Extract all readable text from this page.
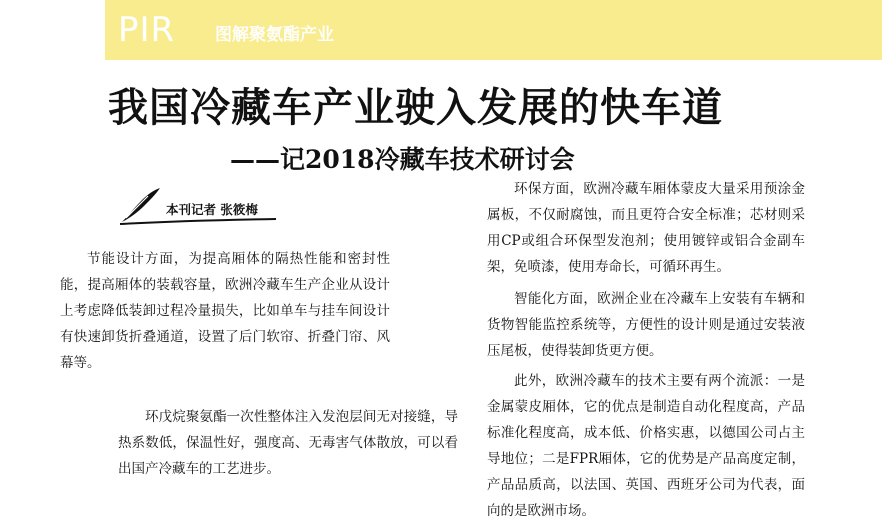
PIR 图解聚氨酯产业
我国冷藏车产业驶入发展的快车道
——记2018冷藏车技术研讨会
本刊记者 张筱梅

节能设计方面，为提高厢体的隔热性能和密封性能，提高厢体的装载容量，欧洲冷藏车生产企业从设计上考虑降低装卸过程冷量损失，比如单车与挂车间设计有快速卸货折叠通道，设置了后门软帘、折叠门帘、风幕等。

环戊烷聚氨酯一次性整体注入发泡层间无对接缝，导热系数低，保温性好，强度高、无毒害气体散放，可以看出国产冷藏车的工艺进步。

环保方面，欧洲冷藏车厢体蒙皮大量采用预涂金属板，不仅耐腐蚀，而且更符合安全标准；芯材则采用CP或组合环保型发泡剂；使用镀锌或铝合金副车架，免喷漆，使用寿命长，可循环再生。

智能化方面，欧洲企业在冷藏车上安装有车辆和货物智能监控系统等，方便性的设计则是通过安装液压尾板，使得装卸货更方便。

此外，欧洲冷藏车的技术主要有两个流派：一是金属蒙皮厢体，它的优点是制造自动化程度高，产品标准化程度高，成本低、价格实惠，以德国公司占主导地位；二是FPR厢体，它的优势是产品高度定制，产品品质高，以法国、英国、西班牙公司为代表，面向的是欧洲市场。
